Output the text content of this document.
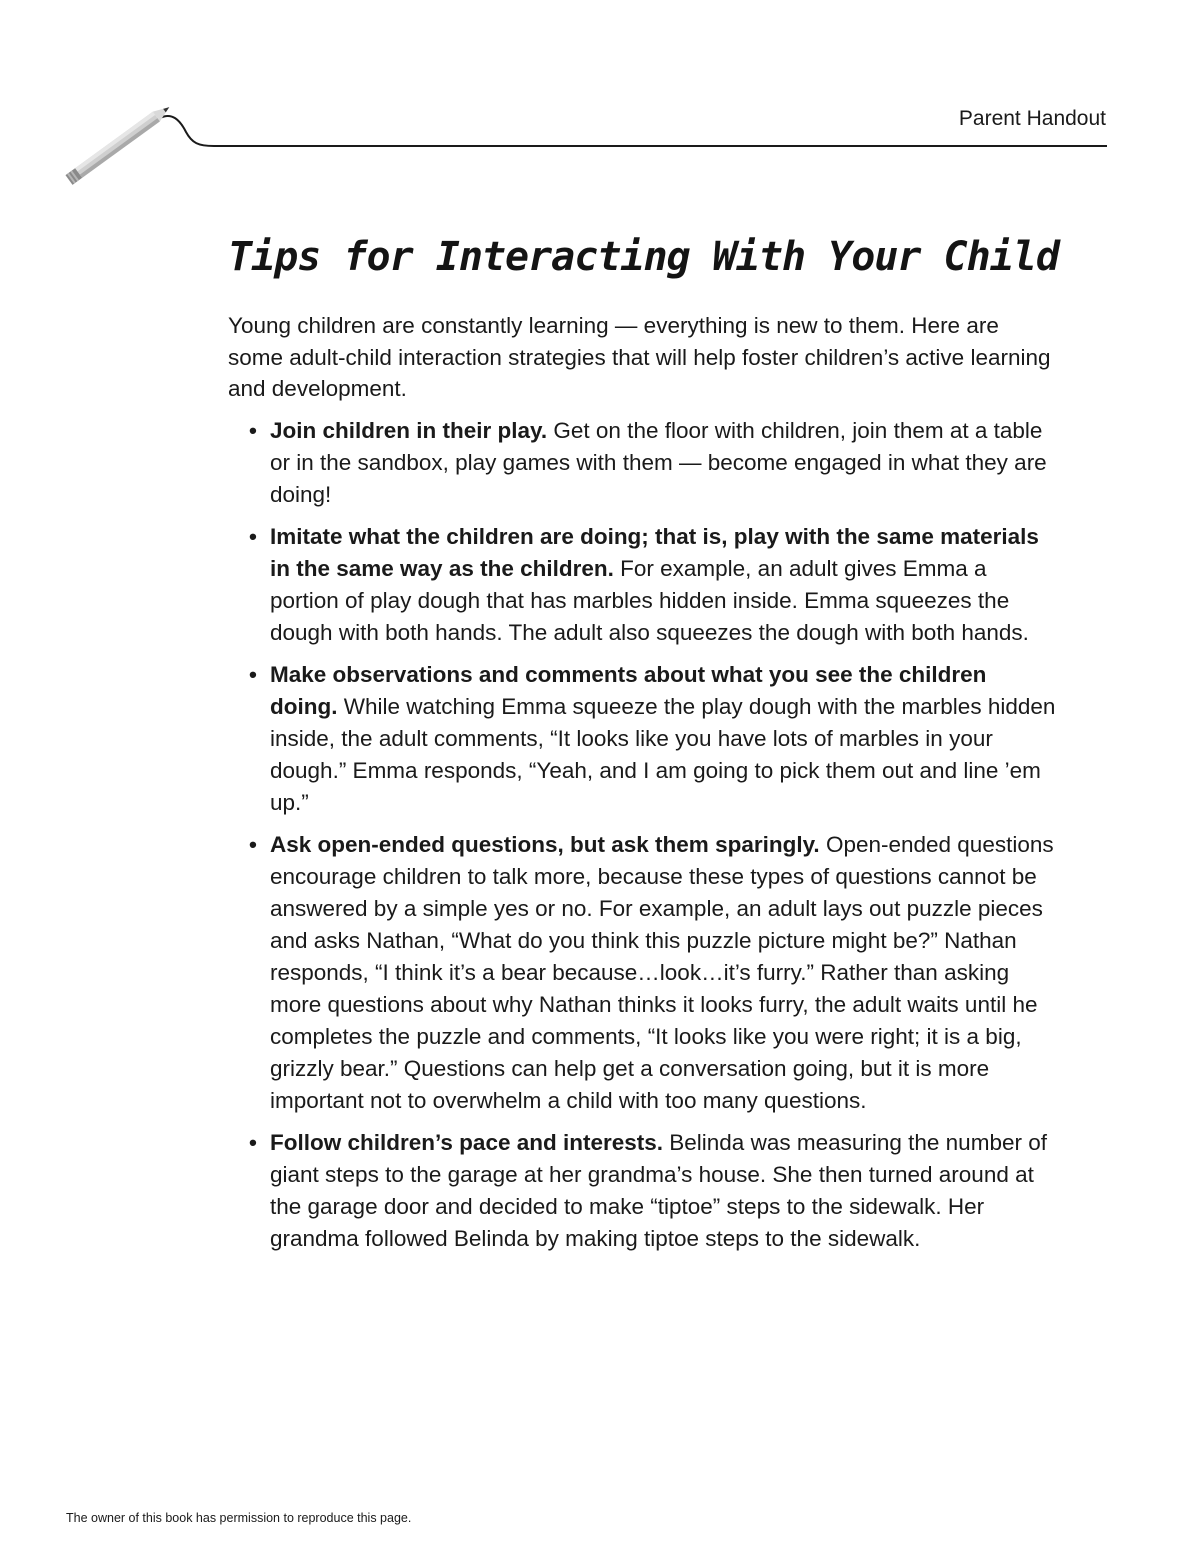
Parent Handout

Tips for Interacting With Your Child

Young children are constantly learning — everything is new to them. Here are some adult-child interaction strategies that will help foster children’s active learning and development.

• Join children in their play. Get on the floor with children, join them at a table or in the sandbox, play games with them — become engaged in what they are doing!
• Imitate what the children are doing; that is, play with the same materials in the same way as the children. For example, an adult gives Emma a portion of play dough that has marbles hidden inside. Emma squeezes the dough with both hands. The adult also squeezes the dough with both hands.
• Make observations and comments about what you see the children doing. While watching Emma squeeze the play dough with the marbles hidden inside, the adult comments, “It looks like you have lots of marbles in your dough.” Emma responds, “Yeah, and I am going to pick them out and line ’em up.”
• Ask open-ended questions, but ask them sparingly. Open-ended questions encourage children to talk more, because these types of questions cannot be answered by a simple yes or no. For example, an adult lays out puzzle pieces and asks Nathan, “What do you think this puzzle picture might be?” Nathan responds, “I think it’s a bear because…look…it’s furry.” Rather than asking more questions about why Nathan thinks it looks furry, the adult waits until he completes the puzzle and comments, “It looks like you were right; it is a big, grizzly bear.” Questions can help get a conversation going, but it is more important not to overwhelm a child with too many questions.
• Follow children’s pace and interests. Belinda was measuring the number of giant steps to the garage at her grandma’s house. She then turned around at the garage door and decided to make “tiptoe” steps to the sidewalk. Her grandma followed Belinda by making tiptoe steps to the sidewalk.

The owner of this book has permission to reproduce this page.
